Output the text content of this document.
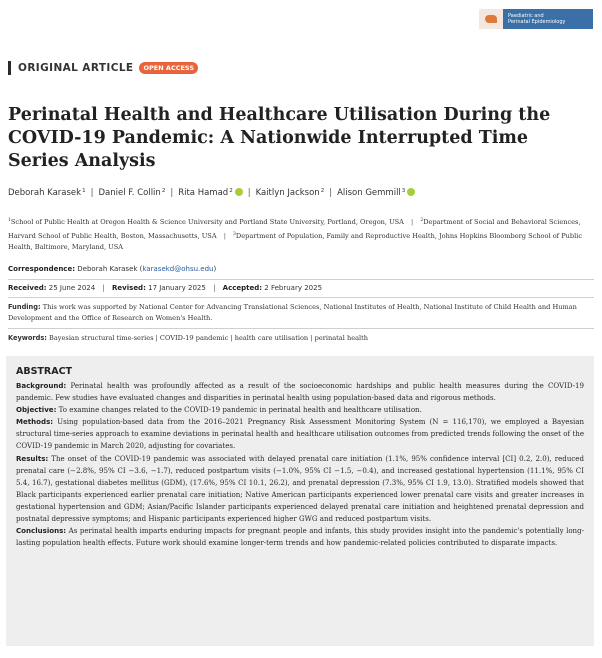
Paediatric and
Perinatal Epidemiology
ORIGINAL ARTICLE	OPEN ACCESS
Perinatal Health and Healthcare Utilisation During the COVID-19 Pandemic: A Nationwide Interrupted Time Series Analysis
Deborah Karasek$^1$ | Daniel F. Collin$^2$ | Rita Hamad$^2$ | Kaitlyn Jackson$^2$ | Alison Gemmill$^3$
$^1$School of Public Health at Oregon Health & Science University and Portland State University, Portland, Oregon, USA | $^2$Department of Social and Behavioral Sciences, Harvard School of Public Health, Boston, Massachusetts, USA | $^3$Department of Population, Family and Reproductive Health, Johns Hopkins Bloomberg School of Public Health, Baltimore, Maryland, USA
Correspondence: Deborah Karasek (karasekd@ohsu.edu)
Received: 25 June 2024 | Revised: 17 January 2025 | Accepted: 2 February 2025
Funding: This work was supported by National Center for Advancing Translational Sciences, National Institutes of Health, National Institute of Child Health and Human Development and the Office of Research on Women's Health.
Keywords: Bayesian structural time-series | COVID-19 pandemic | health care utilisation | perinatal health
ABSTRACT

Background: Perinatal health was profoundly affected as a result of the socioeconomic hardships and public health measures during the COVID-19 pandemic. Few studies have evaluated changes and disparities in perinatal health using population-based data and rigorous methods.

Objective: To examine changes related to the COVID-19 pandemic in perinatal health and healthcare utilisation.

Methods: Using population-based data from the 2016–2021 Pregnancy Risk Assessment Monitoring System (N = 116,170), we employed a Bayesian structural time-series approach to examine deviations in perinatal health and healthcare utilisation outcomes from predicted trends following the onset of the COVID-19 pandemic in March 2020, adjusting for covariates.

Results: The onset of the COVID-19 pandemic was associated with delayed prenatal care initiation (1.1%, 95% confidence interval [CI] 0.2, 2.0), reduced prenatal care (−2.8%, 95% CI −3.6, −1.7), reduced postpartum visits (−1.0%, 95% CI −1.5, −0.4), and increased gestational hypertension (11.1%, 95% CI 5.4, 16.7), gestational diabetes mellitus (GDM), (17.6%, 95% CI 10.1, 26.2), and prenatal depression (7.3%, 95% CI 1.9, 13.0). Stratified models showed that Black participants experienced earlier prenatal care initiation; Native American participants experienced lower prenatal care visits and greater increases in gestational hypertension and GDM; Asian/Pacific Islander participants experienced delayed prenatal care initiation and heightened prenatal depression and postnatal depressive symptoms; and Hispanic participants experienced higher GWG and reduced postpartum visits.

Conclusions: As perinatal health imparts enduring impacts for pregnant people and infants, this study provides insight into the pandemic's potentially long-lasting population health effects. Future work should examine longer-term trends and how pandemic-related policies contributed to disparate impacts.
